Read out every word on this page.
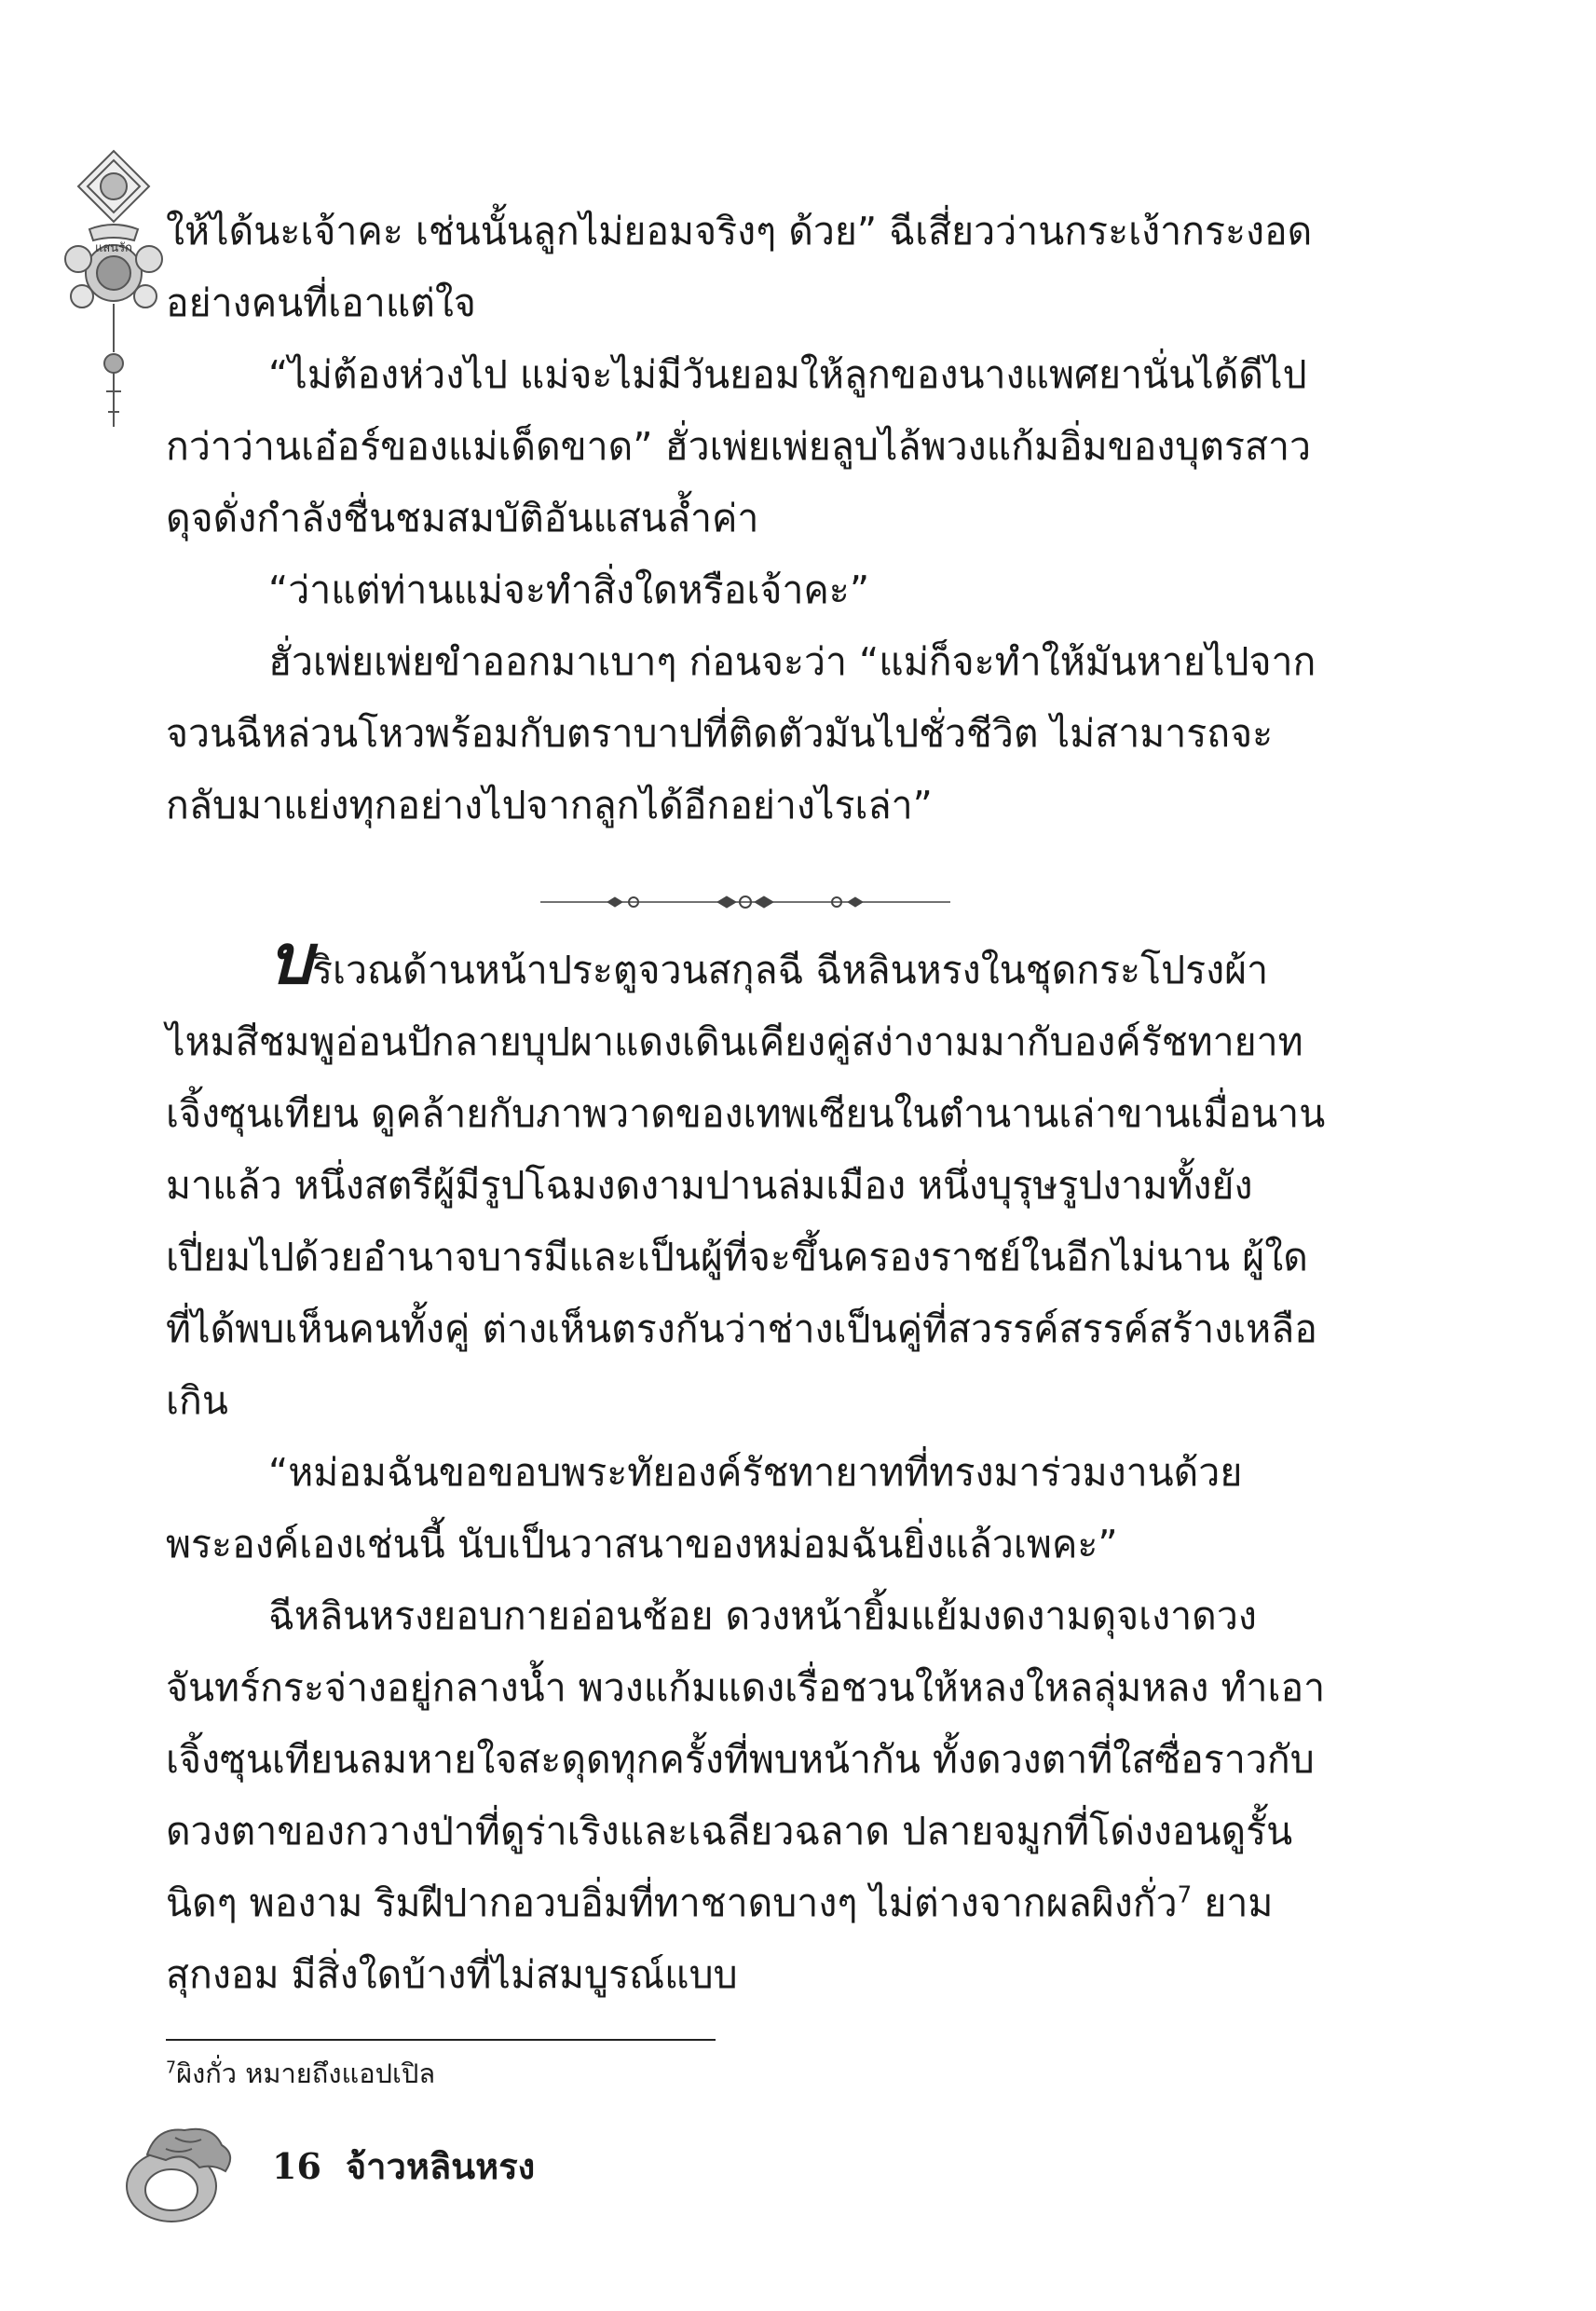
แสนรัก ให้ได้นะเจ้าคะ เช่นนั้นลูกไม่ยอมจริงๆ ด้วย” ฉีเสี่ยวว่านกระเง้ากระงอดอย่างคนที่เอาแต่ใจ

“ไม่ต้องห่วงไป แม่จะไม่มีวันยอมให้ลูกของนางแพศยานั่นได้ดีไปกว่าว่านเอ๋อร์ของแม่เด็ดขาด” ฮั่วเพ่ยเพ่ยลูบไล้พวงแก้มอิ่มของบุตรสาวดุจดั่งกำลังชื่นชมสมบัติอันแสนล้ำค่า

“ว่าแต่ท่านแม่จะทำสิ่งใดหรือเจ้าคะ”

ฮั่วเพ่ยเพ่ยขำออกมาเบาๆ ก่อนจะว่า “แม่ก็จะทำให้มันหายไปจากจวนฉีหล่วนโหวพร้อมกับตราบาปที่ติดตัวมันไปชั่วชีวิต ไม่สามารถจะกลับมาแย่งทุกอย่างไปจากลูกได้อีกอย่างไรเล่า”

บริเวณด้านหน้าประตูจวนสกุลฉี ฉีหลินหรงในชุดกระโปรงผ้าไหมสีชมพูอ่อนปักลายบุปผาแดงเดินเคียงคู่สง่างามมากับองค์รัชทายาทเจิ้งซุนเทียน ดูคล้ายกับภาพวาดของเทพเซียนในตำนานเล่าขานเมื่อนานมาแล้ว หนึ่งสตรีผู้มีรูปโฉมงดงามปานล่มเมือง หนึ่งบุรุษรูปงามทั้งยังเปี่ยมไปด้วยอำนาจบารมีและเป็นผู้ที่จะขึ้นครองราชย์ในอีกไม่นาน ผู้ใดที่ได้พบเห็นคนทั้งคู่ ต่างเห็นตรงกันว่าช่างเป็นคู่ที่สวรรค์สรรค์สร้างเหลือเกิน

“หม่อมฉันขอขอบพระทัยองค์รัชทายาทที่ทรงมาร่วมงานด้วยพระองค์เองเช่นนี้ นับเป็นวาสนาของหม่อมฉันยิ่งแล้วเพคะ”

ฉีหลินหรงยอบกายอ่อนช้อย ดวงหน้ายิ้มแย้มงดงามดุจเงาดวงจันทร์กระจ่างอยู่กลางน้ำ พวงแก้มแดงเรื่อชวนให้หลงใหลลุ่มหลง ทำเอาเจิ้งซุนเทียนลมหายใจสะดุดทุกครั้งที่พบหน้ากัน ทั้งดวงตาที่ใสซื่อราวกับดวงตาของกวางป่าที่ดูร่าเริงและเฉลียวฉลาด ปลายจมูกที่โด่งงอนดูรั้นนิดๆ พองาม ริมฝีปากอวบอิ่มที่ทาชาดบางๆ ไม่ต่างจากผลผิงกั่ว$^7$ ยามสุกงอม มีสิ่งใดบ้างที่ไม่สมบูรณ์แบบ

$^7$ผิงกั่ว หมายถึงแอปเปิล
16 จ้าวหลินหรง
